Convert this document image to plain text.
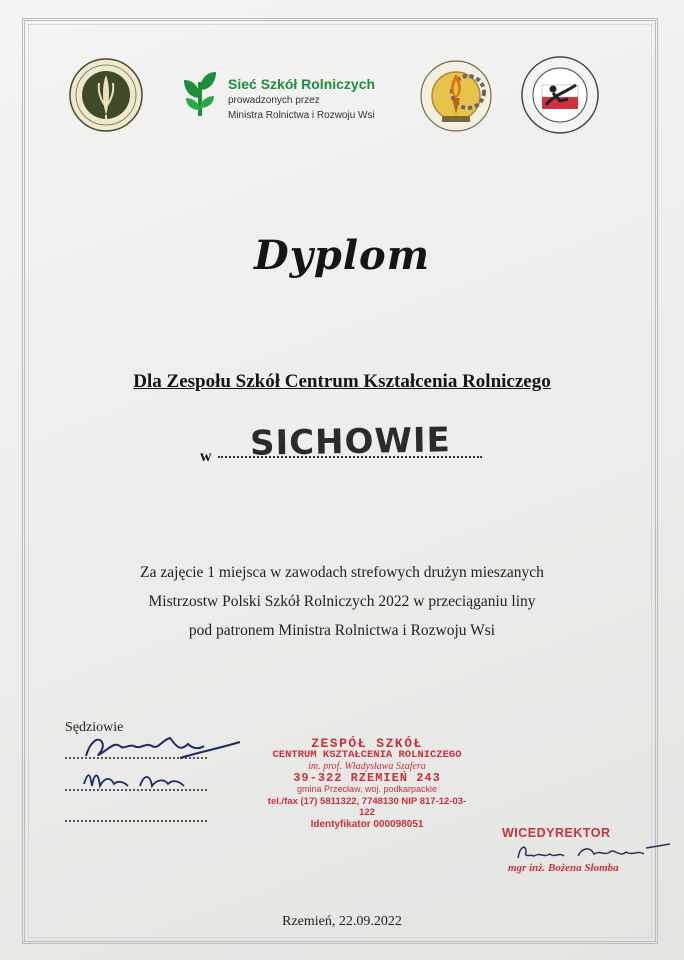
Sieć Szkół Rolniczych
prowadzonych przez
Ministra Rolnictwa i Rozwoju Wsi
Dyplom
Dla Zespołu Szkół Centrum Kształcenia Rolniczego
w SICHOWIE
Za zajęcie 1 miejsca w zawodach strefowych drużyn mieszanych
Mistrzostw Polski Szkół Rolniczych 2022 w przeciąganiu liny
pod patronem Ministra Rolnictwa i Rozwoju Wsi
Sędziowie
ZESPÓŁ SZKÓŁ
CENTRUM KSZTAŁCENIA ROLNICZEGO
im. prof. Władysława Szafera
39-322 RZEMIEŃ 243
gmina Przecław, woj. podkarpackie
tel./fax (17) 5811322, 7748130 NIP 817-12-03-122
Identyfikator 000098051
WICEDYREKTOR
mgr inż. Bożena Słomba
Rzemień, 22.09.2022
